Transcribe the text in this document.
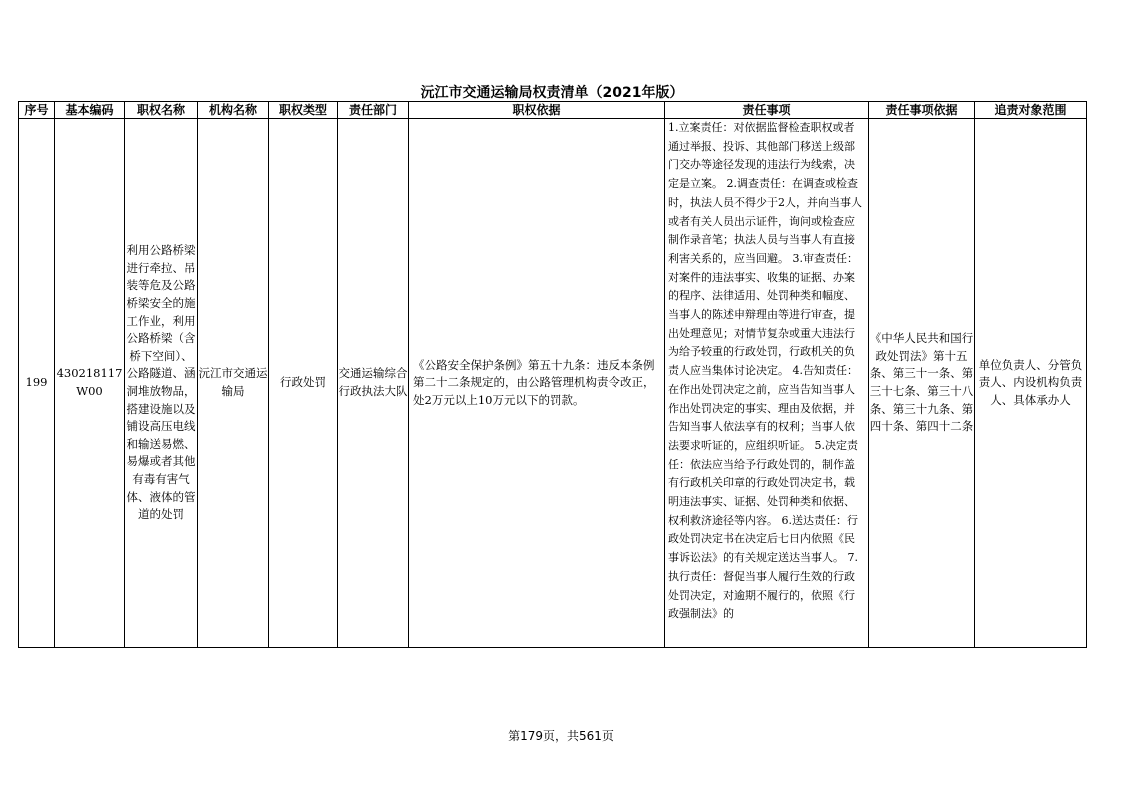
沅江市交通运输局权责清单（2021年版）
序号	基本编码	职权名称	机构名称	职权类型	责任部门	职权依据	责任事项	责任事项依据	追责对象范围
199	430218117W00	利用公路桥梁进行牵拉、吊装等危及公路桥梁安全的施工作业，利用公路桥梁（含桥下空间）、公路隧道、涵洞堆放物品，搭建设施以及铺设高压电线和输送易燃、易爆或者其他有毒有害气体、液体的管道的处罚	沅江市交通运输局	行政处罚	交通运输综合行政执法大队	《公路安全保护条例》第五十九条：违反本条例第二十二条规定的，由公路管理机构责令改正，处2万元以上10万元以下的罚款。	1.立案责任：对依据监督检查职权或者通过举报、投诉、其他部门移送上级部门交办等途径发现的违法行为线索，决定是立案。 2.调查责任：在调查或检查时，执法人员不得少于2人，并向当事人或者有关人员出示证件，询问或检查应制作录音笔；执法人员与当事人有直接利害关系的，应当回避。 3.审查责任：对案件的违法事实、收集的证据、办案的程序、法律适用、处罚种类和幅度、当事人的陈述申辩理由等进行审查，提出处理意见；对情节复杂或重大违法行为给予较重的行政处罚，行政机关的负责人应当集体讨论决定。 4.告知责任：在作出处罚决定之前，应当告知当事人作出处罚决定的事实、理由及依据，并告知当事人依法享有的权利；当事人依法要求听证的，应组织听证。 5.决定责任：依法应当给予行政处罚的，制作盖有行政机关印章的行政处罚决定书，载明违法事实、证据、处罚种类和依据、权利救济途径等内容。 6.送达责任：行政处罚决定书在决定后七日内依照《民事诉讼法》的有关规定送达当事人。 7.执行责任：督促当事人履行生效的行政处罚决定，对逾期不履行的，依照《行政强制法》的	《中华人民共和国行政处罚法》第十五条、第三十一条、第三十七条、第三十八条、第三十九条、第四十条、第四十二条	单位负责人、分管负责人、内设机构负责人、具体承办人
第179页，共561页
